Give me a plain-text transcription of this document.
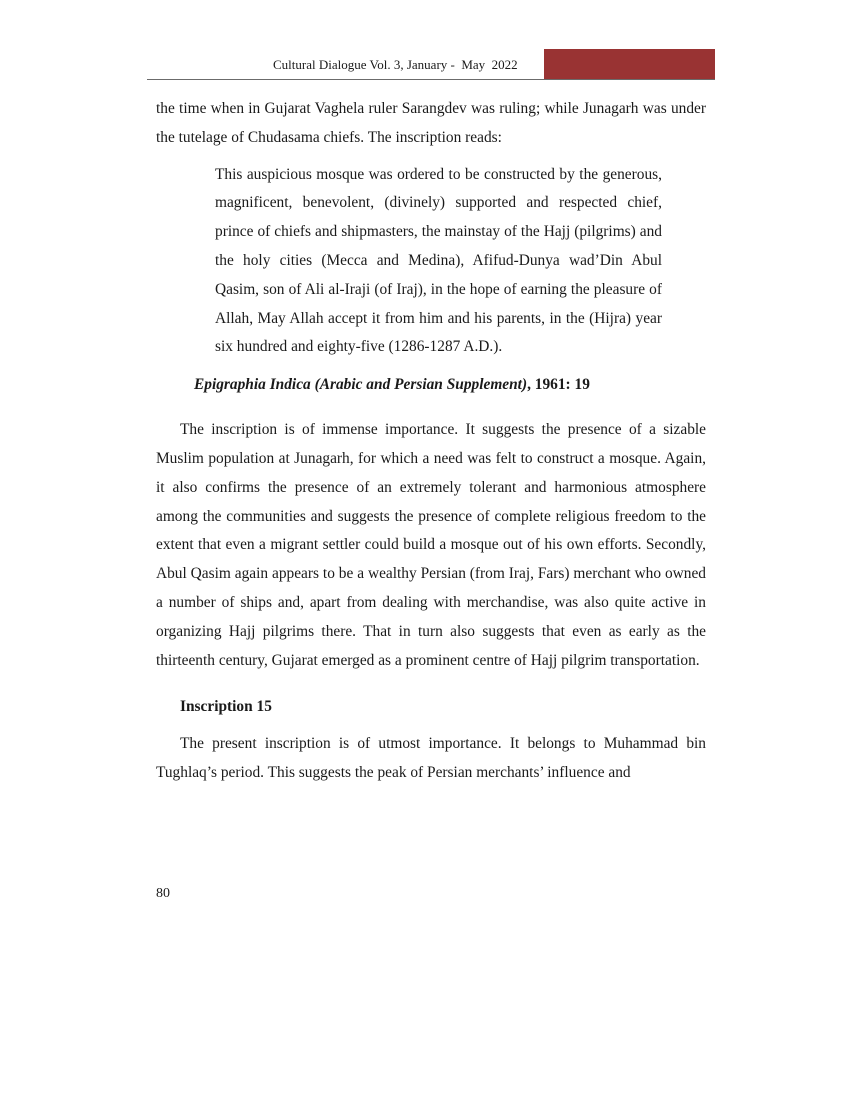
Cultural Dialogue Vol. 3, January -  May  2022

the time when in Gujarat Vaghela ruler Sarangdev was ruling; while Junagarh was under the tutelage of Chudasama chiefs. The inscription reads:

This auspicious mosque was ordered to be constructed by the generous, magnificent, benevolent, (divinely) supported and respected chief, prince of chiefs and shipmasters, the mainstay of the Hajj (pilgrims) and the holy cities (Mecca and Medina), Afifud-Dunya wad’Din Abul Qasim, son of Ali al-Iraji (of Iraj), in the hope of earning the pleasure of Allah, May Allah accept it from him and his parents, in the (Hijra) year six hundred and eighty-five (1286-1287 A.D.).

Epigraphia Indica (Arabic and Persian Supplement), 1961: 19

The inscription is of immense importance. It suggests the presence of a sizable Muslim population at Junagarh, for which a need was felt to construct a mosque. Again, it also confirms the presence of an extremely tolerant and harmonious atmosphere among the communities and suggests the presence of complete religious freedom to the extent that even a migrant settler could build a mosque out of his own efforts. Secondly, Abul Qasim again appears to be a wealthy Persian (from Iraj, Fars) merchant who owned a number of ships and, apart from dealing with merchandise, was also quite active in organizing Hajj pilgrims there. That in turn also suggests that even as early as the thirteenth century, Gujarat emerged as a prominent centre of Hajj pilgrim transportation.

Inscription 15

The present inscription is of utmost importance. It belongs to Muhammad bin Tughlaq’s period. This suggests the peak of Persian merchants’ influence and

80
